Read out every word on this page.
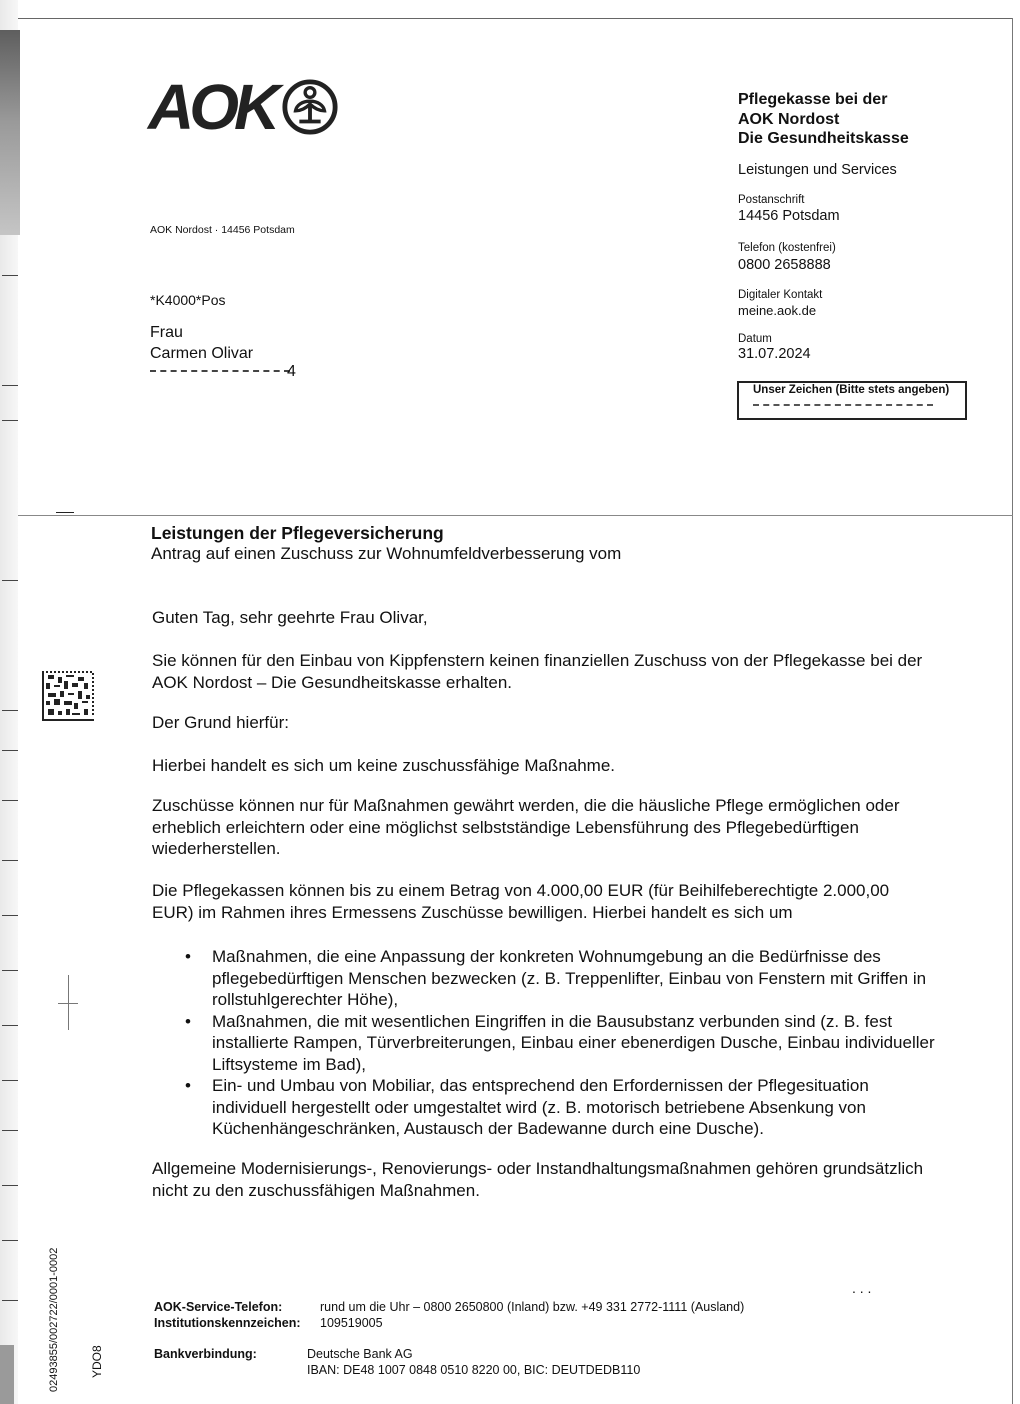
AOK
AOK Nordost · 14456 Potsdam
*K4000*Pos
Frau
Carmen Olivar
4
Pflegekasse bei der
AOK Nordost
Die Gesundheitskasse
Leistungen und Services
Postanschrift
14456 Potsdam
Telefon (kostenfrei)
0800 2658888
Digitaler Kontakt
meine.aok.de
Datum
31.07.2024
Unser Zeichen (Bitte stets angeben)
Leistungen der Pflegeversicherung
Antrag auf einen Zuschuss zur Wohnumfeldverbesserung vom
Guten Tag, sehr geehrte Frau Olivar,
Sie können für den Einbau von Kippfenstern keinen finanziellen Zuschuss von der Pflegekasse bei der AOK Nordost – Die Gesundheitskasse erhalten.
Der Grund hierfür:
Hierbei handelt es sich um keine zuschussfähige Maßnahme.
Zuschüsse können nur für Maßnahmen gewährt werden, die die häusliche Pflege ermöglichen oder erheblich erleichtern oder eine möglichst selbstständige Lebensführung des Pflegebedürftigen wiederherstellen.
Die Pflegekassen können bis zu einem Betrag von 4.000,00 EUR (für Beihilfeberechtigte 2.000,00 EUR) im Rahmen ihres Ermessens Zuschüsse bewilligen. Hierbei handelt es sich um

• Maßnahmen, die eine Anpassung der konkreten Wohnumgebung an die Bedürfnisse des pflegebedürftigen Menschen bezwecken (z. B. Treppenlifter, Einbau von Fenstern mit Griffen in rollstuhlgerechter Höhe),

• Maßnahmen, die mit wesentlichen Eingriffen in die Bausubstanz verbunden sind (z. B. fest installierte Rampen, Türverbreiterungen, Einbau einer ebenerdigen Dusche, Einbau individueller Liftsysteme im Bad),

• Ein- und Umbau von Mobiliar, das entsprechend den Erfordernissen der Pflegesituation individuell hergestellt oder umgestaltet wird (z. B. motorisch betriebene Absenkung von Küchenhängeschränken, Austausch der Badewanne durch eine Dusche).

Allgemeine Modernisierungs-, Renovierungs- oder Instandhaltungsmaßnahmen gehören grundsätzlich nicht zu den zuschussfähigen Maßnahmen.
. . .
AOK-Service-Telefon:	rund um die Uhr – 0800 2650800 (Inland) bzw. +49 331 2772-1111 (Ausland)
Institutionskennzeichen: 109519005
Bankverbindung:	Deutsche Bank AG
IBAN: DE48 1007 0848 0510 8220 00, BIC: DEUTDEDB110
02493855/002722/0001-0002	YDO8
